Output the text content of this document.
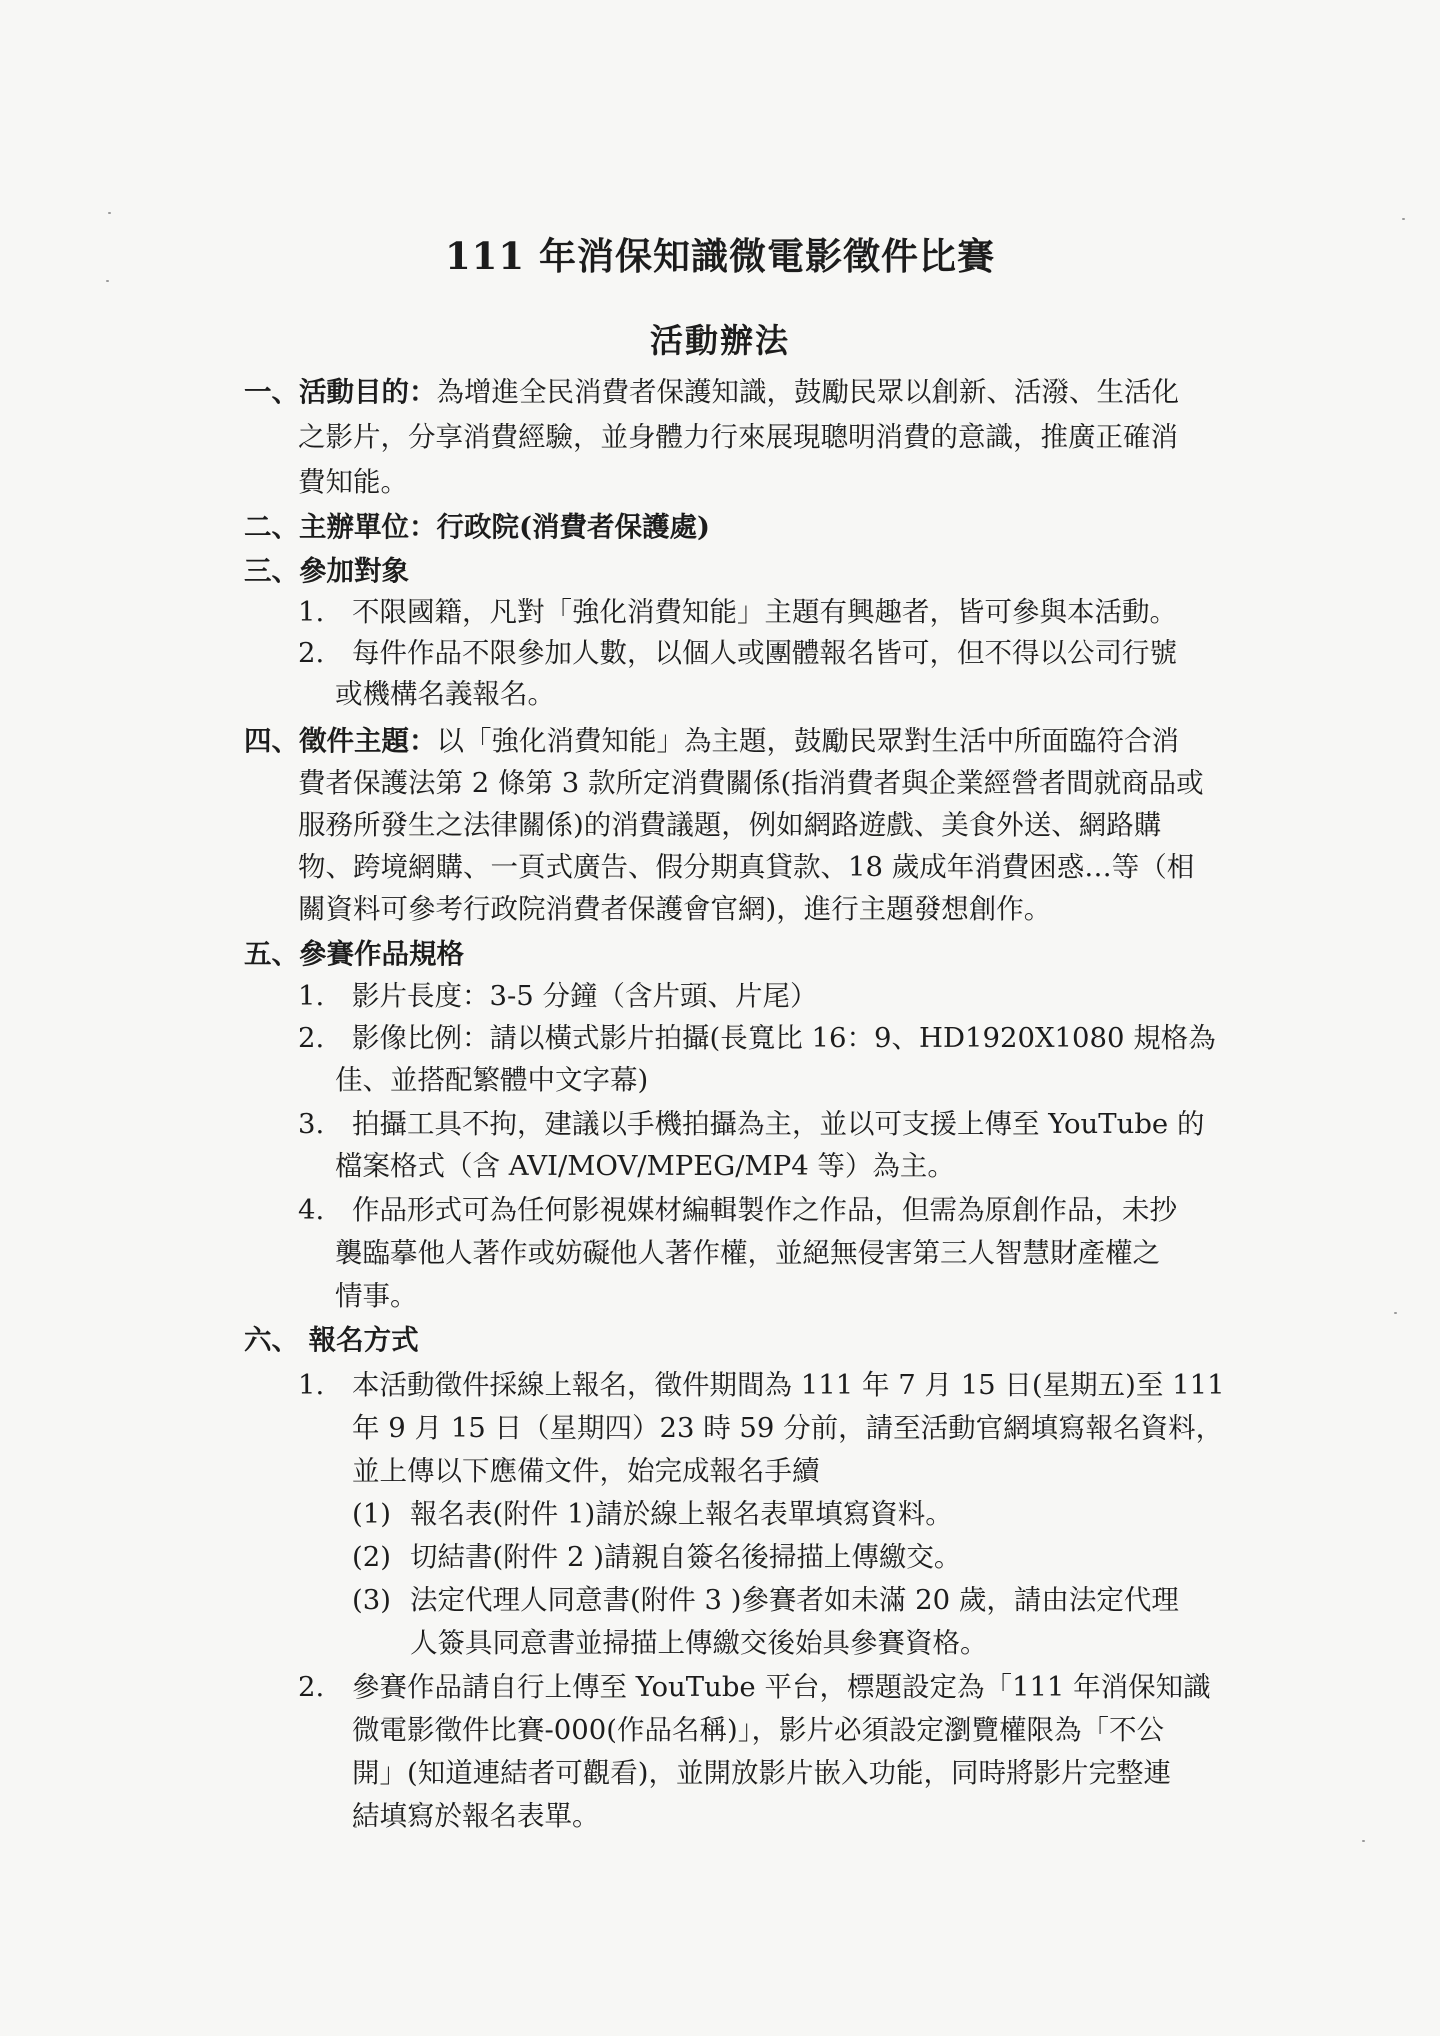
111 年消保知識微電影徵件比賽
活動辦法
一、活動目的：為增進全民消費者保護知識，鼓勵民眾以創新、活潑、生活化
之影片，分享消費經驗，並身體力行來展現聰明消費的意識，推廣正確消
費知能。
二、主辦單位：行政院(消費者保護處)
三、參加對象
1. 不限國籍，凡對「強化消費知能」主題有興趣者，皆可參與本活動。
2. 每件作品不限參加人數，以個人或團體報名皆可，但不得以公司行號
或機構名義報名。
四、徵件主題：以「強化消費知能」為主題，鼓勵民眾對生活中所面臨符合消
費者保護法第 2 條第 3 款所定消費關係(指消費者與企業經營者間就商品或
服務所發生之法律關係)的消費議題，例如網路遊戲、美食外送、網路購
物、跨境網購、一頁式廣告、假分期真貸款、18 歲成年消費困惑…等（相
關資料可參考行政院消費者保護會官網)，進行主題發想創作。
五、參賽作品規格
1. 影片長度：3-5 分鐘（含片頭、片尾）
2. 影像比例：請以橫式影片拍攝(長寬比 16：9、HD1920X1080 規格為
佳、並搭配繁體中文字幕)
3. 拍攝工具不拘，建議以手機拍攝為主，並以可支援上傳至 YouTube 的
檔案格式（含 AVI/MOV/MPEG/MP4 等）為主。
4. 作品形式可為任何影視媒材編輯製作之作品，但需為原創作品，未抄
襲臨摹他人著作或妨礙他人著作權，並絕無侵害第三人智慧財產權之
情事。
六、 報名方式
1. 本活動徵件採線上報名，徵件期間為 111 年 7 月 15 日(星期五)至 111
年 9 月 15 日（星期四）23 時 59 分前，請至活動官網填寫報名資料，
並上傳以下應備文件，始完成報名手續
(1) 報名表(附件 1)請於線上報名表單填寫資料。
(2) 切結書(附件 2 )請親自簽名後掃描上傳繳交。
(3) 法定代理人同意書(附件 3 )參賽者如未滿 20 歲，請由法定代理
人簽具同意書並掃描上傳繳交後始具參賽資格。
2. 參賽作品請自行上傳至 YouTube 平台，標題設定為「111 年消保知識
微電影徵件比賽-000(作品名稱)」，影片必須設定瀏覽權限為「不公
開」(知道連結者可觀看)，並開放影片嵌入功能，同時將影片完整連
結填寫於報名表單。
